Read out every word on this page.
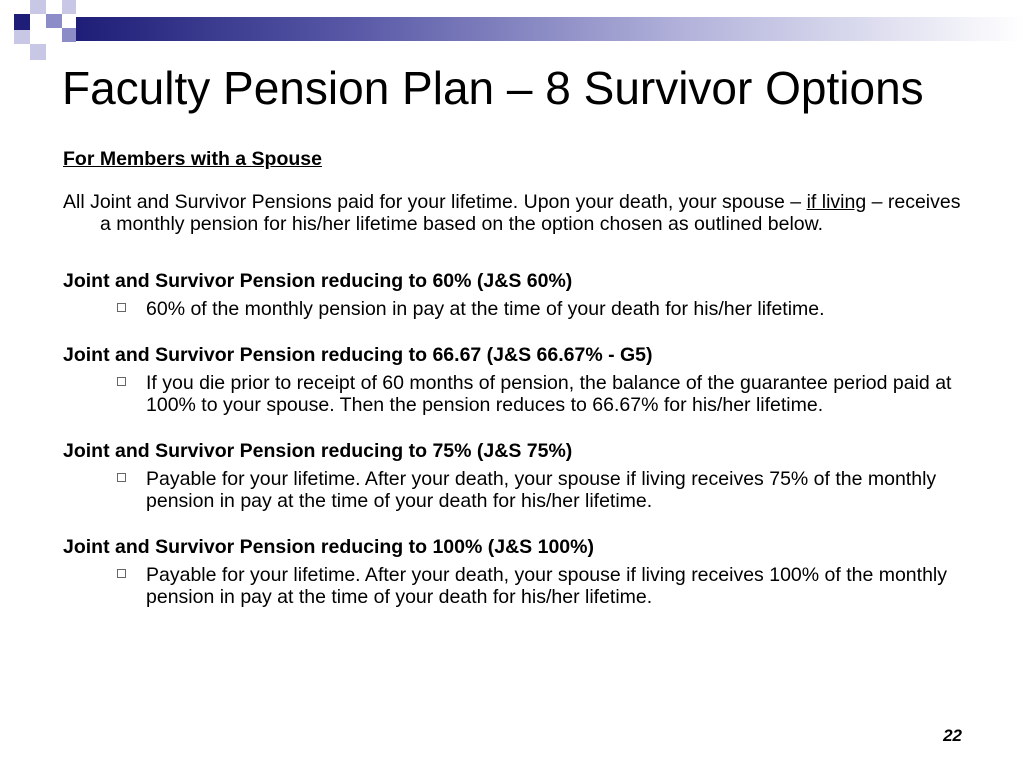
Faculty Pension Plan – 8 Survivor Options

For Members with a Spouse

All Joint and Survivor Pensions paid for your lifetime. Upon your death, your spouse – if living – receives a monthly pension for his/her lifetime based on the option chosen as outlined below.

Joint and Survivor Pension reducing to 60% (J&S 60%)

60% of the monthly pension in pay at the time of your death for his/her lifetime.

Joint and Survivor Pension reducing to 66.67 (J&S 66.67% - G5)

If you die prior to receipt of 60 months of pension, the balance of the guarantee period paid at 100% to your spouse. Then the pension reduces to 66.67% for his/her lifetime.

Joint and Survivor Pension reducing to 75% (J&S 75%)

Payable for your lifetime. After your death, your spouse if living receives 75% of the monthly pension in pay at the time of your death for his/her lifetime.

Joint and Survivor Pension reducing to 100% (J&S 100%)

Payable for your lifetime. After your death, your spouse if living receives 100% of the monthly pension in pay at the time of your death for his/her lifetime.

22
